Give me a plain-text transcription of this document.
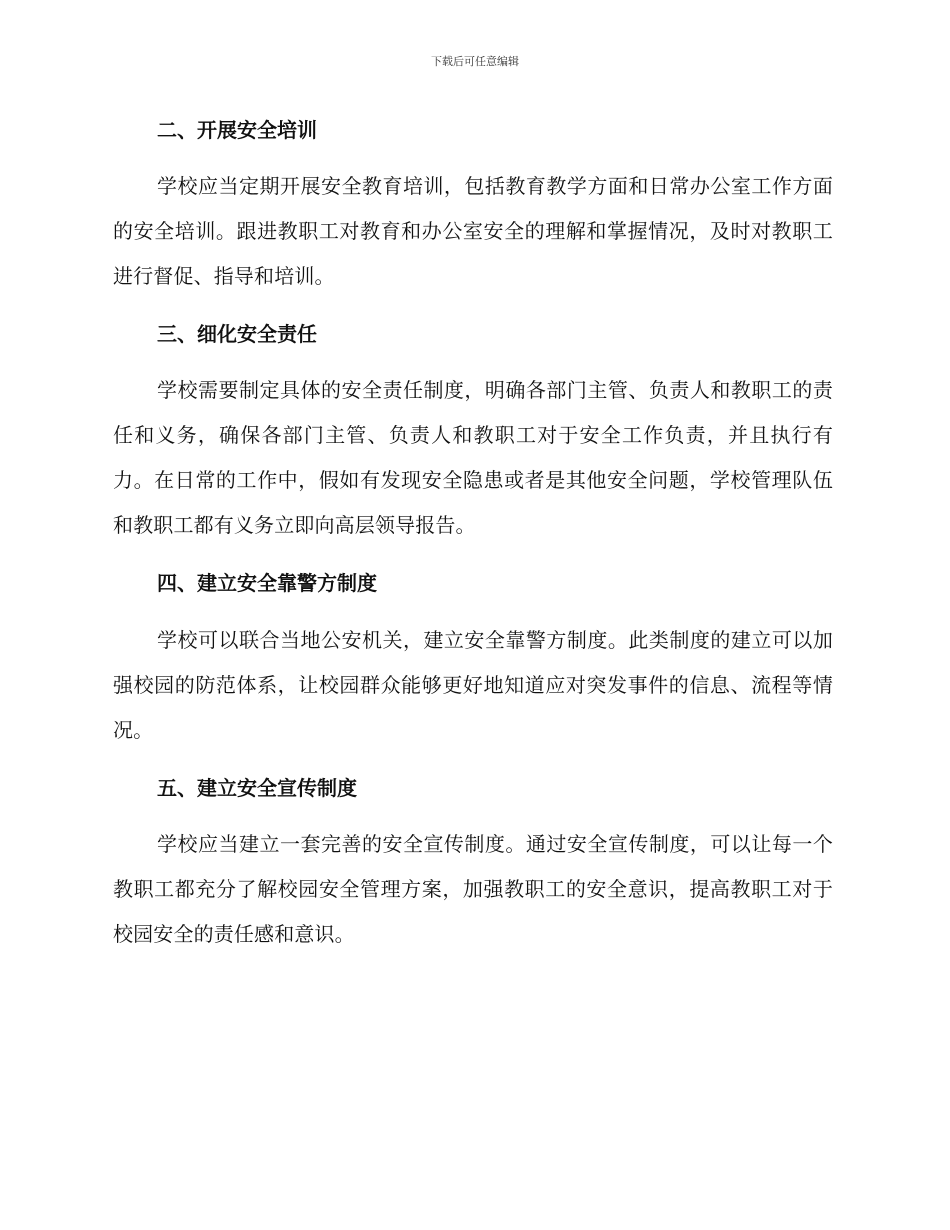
下载后可任意编辑
二、开展安全培训
学校应当定期开展安全教育培训，包括教育教学方面和日常办公室工作方面的安全培训。跟进教职工对教育和办公室安全的理解和掌握情况，及时对教职工进行督促、指导和培训。
三、细化安全责任
学校需要制定具体的安全责任制度，明确各部门主管、负责人和教职工的责任和义务，确保各部门主管、负责人和教职工对于安全工作负责，并且执行有力。在日常的工作中，假如有发现安全隐患或者是其他安全问题，学校管理队伍和教职工都有义务立即向高层领导报告。
四、建立安全靠警方制度
学校可以联合当地公安机关，建立安全靠警方制度。此类制度的建立可以加强校园的防范体系，让校园群众能够更好地知道应对突发事件的信息、流程等情况。
五、建立安全宣传制度
学校应当建立一套完善的安全宣传制度。通过安全宣传制度，可以让每一个教职工都充分了解校园安全管理方案，加强教职工的安全意识，提高教职工对于校园安全的责任感和意识。
